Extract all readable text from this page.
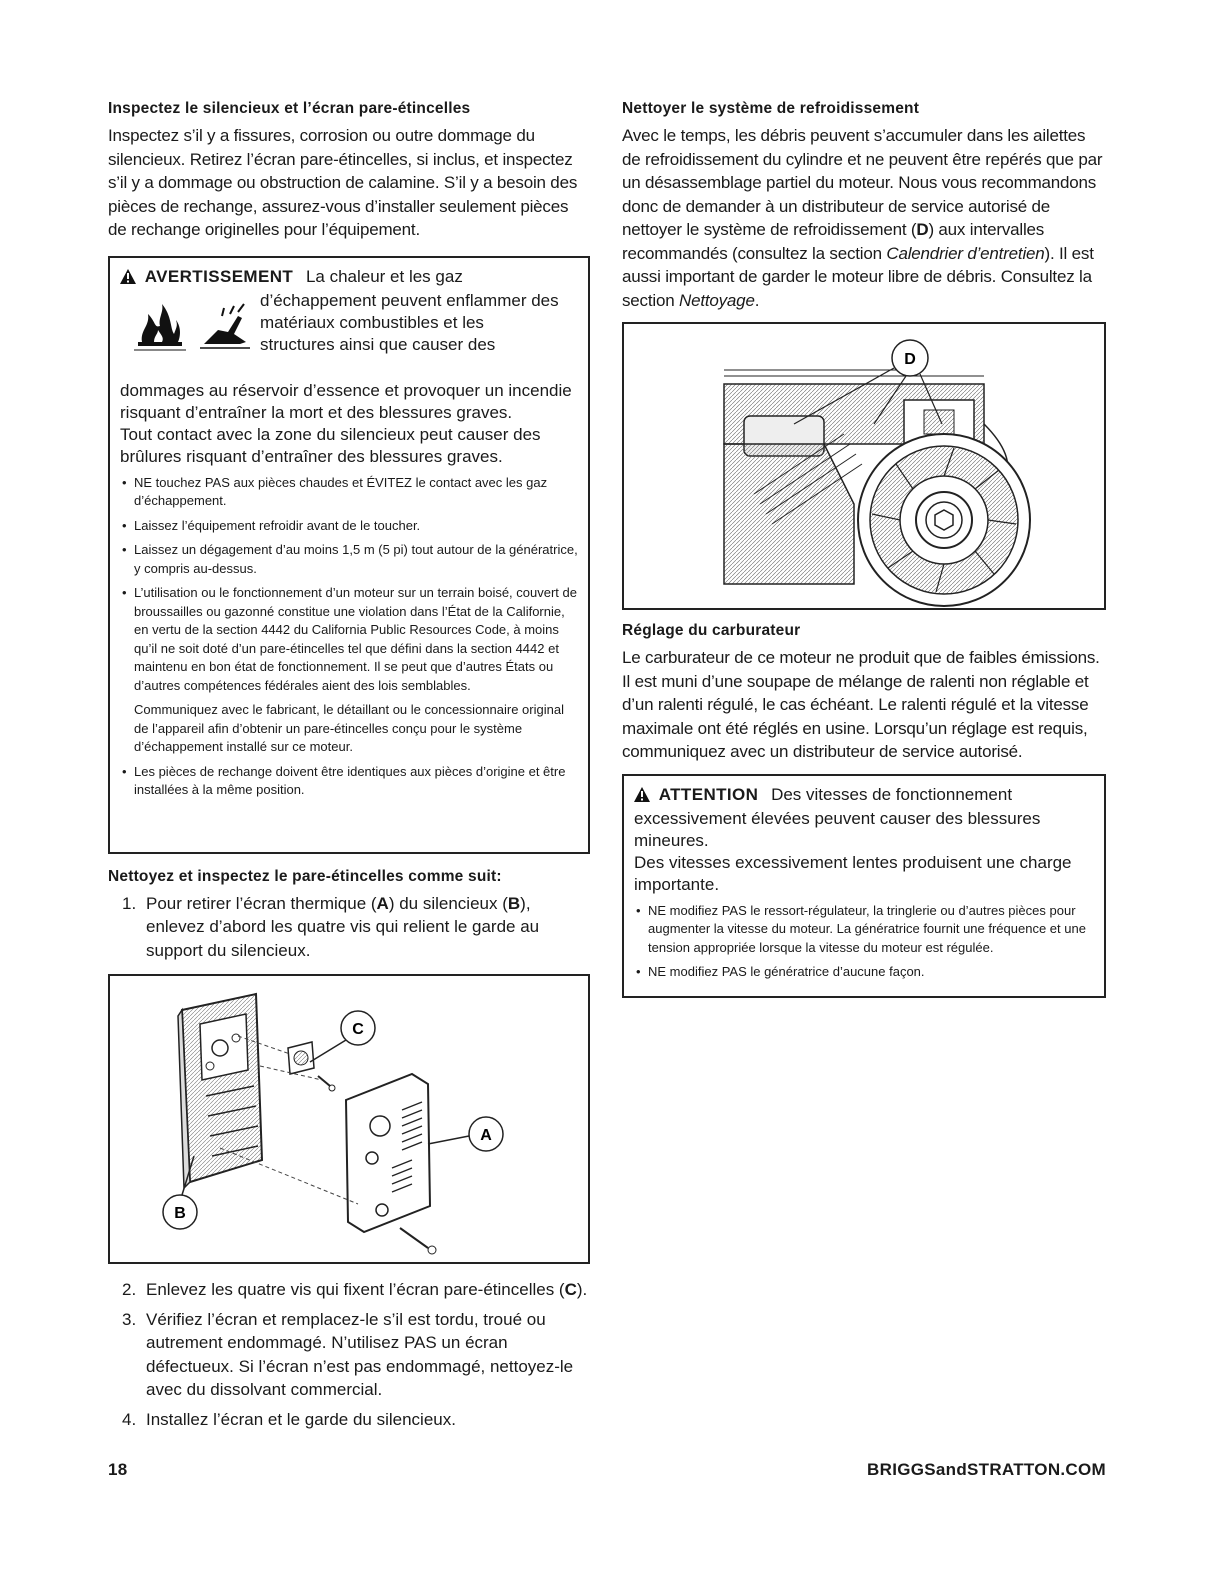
Inspectez le silencieux et l’écran pare-étincelles

Inspectez s’il y a fissures, corrosion ou outre dommage du silencieux. Retirez l’écran pare-étincelles, si inclus, et inspectez s’il y a dommage ou obstruction de calamine. S’il y a besoin des pièces de rechange, assurez-vous d’installer seulement pièces de rechange originelles pour l’équipement.

AVERTISSEMENT La chaleur et les gaz
d’échappement peuvent enflammer des
matériaux combustibles et les
structures ainsi que causer des
dommages au réservoir d’essence et provoquer un incendie risquant d’entraîner la mort et des blessures graves.
Tout contact avec la zone du silencieux peut causer des brûlures risquant d’entraîner des blessures graves.
• NE touchez PAS aux pièces chaudes et ÉVITEZ le contact avec les gaz d’échappement.
• Laissez l’équipement refroidir avant de le toucher.
• Laissez un dégagement d’au moins 1,5 m (5 pi) tout autour de la génératrice, y compris au-dessus.
• L’utilisation ou le fonctionnement d’un moteur sur un terrain boisé, couvert de broussailles ou gazonné constitue une violation dans l’État de la Californie, en vertu de la section 4442 du California Public Resources Code, à moins qu’il ne soit doté d’un pare-étincelles tel que défini dans la section 4442 et maintenu en bon état de fonctionnement. Il se peut que d’autres États ou d’autres compétences fédérales aient des lois semblables.

Communiquez avec le fabricant, le détaillant ou le concessionnaire original de l’appareil afin d’obtenir un pare-étincelles conçu pour le système d’échappement installé sur ce moteur.

• Les pièces de rechange doivent être identiques aux pièces d’origine et être installées à la même position.
Nettoyez et inspectez le pare-étincelles comme suit:
1. Pour retirer l’écran thermique (A) du silencieux (B), enlevez d’abord les quatre vis qui relient le garde au support du silencieux.
C
A
B
2. Enlevez les quatre vis qui fixent l’écran pare-étincelles (C).
3. Vérifiez l’écran et remplacez-le s’il est tordu, troué ou autrement endommagé. N’utilisez PAS un écran défectueux. Si l’écran n’est pas endommagé, nettoyez-le avec du dissolvant commercial.
4. Installez l’écran et le garde du silencieux.
Nettoyer le système de refroidissement

Avec le temps, les débris peuvent s’accumuler dans les ailettes de refroidissement du cylindre et ne peuvent être repérés que par un désassemblage partiel du moteur. Nous vous recommandons donc de demander à un distributeur de service autorisé de nettoyer le système de refroidissement (D) aux intervalles recommandés (consultez la section Calendrier d’entretien). Il est aussi important de garder le moteur libre de débris. Consultez la section Nettoyage.

D
Réglage du carburateur

Le carburateur de ce moteur ne produit que de faibles émissions. Il est muni d’une soupape de mélange de ralenti non réglable et d’un ralenti régulé, le cas échéant. Le ralenti régulé et la vitesse maximale ont été réglés en usine. Lorsqu’un réglage est requis, communiquez avec un distributeur de service autorisé.

ATTENTION Des vitesses de fonctionnement excessivement élevées peuvent causer des blessures mineures.
Des vitesses excessivement lentes produisent une charge importante.
• NE modifiez PAS le ressort-régulateur, la tringlerie ou d’autres pièces pour augmenter la vitesse du moteur. La génératrice fournit une fréquence et une tension appropriée lorsque la vitesse du moteur est régulée.
• NE modifiez PAS le génératrice d’aucune façon.
18	BRIGGSandSTRATTON.COM
